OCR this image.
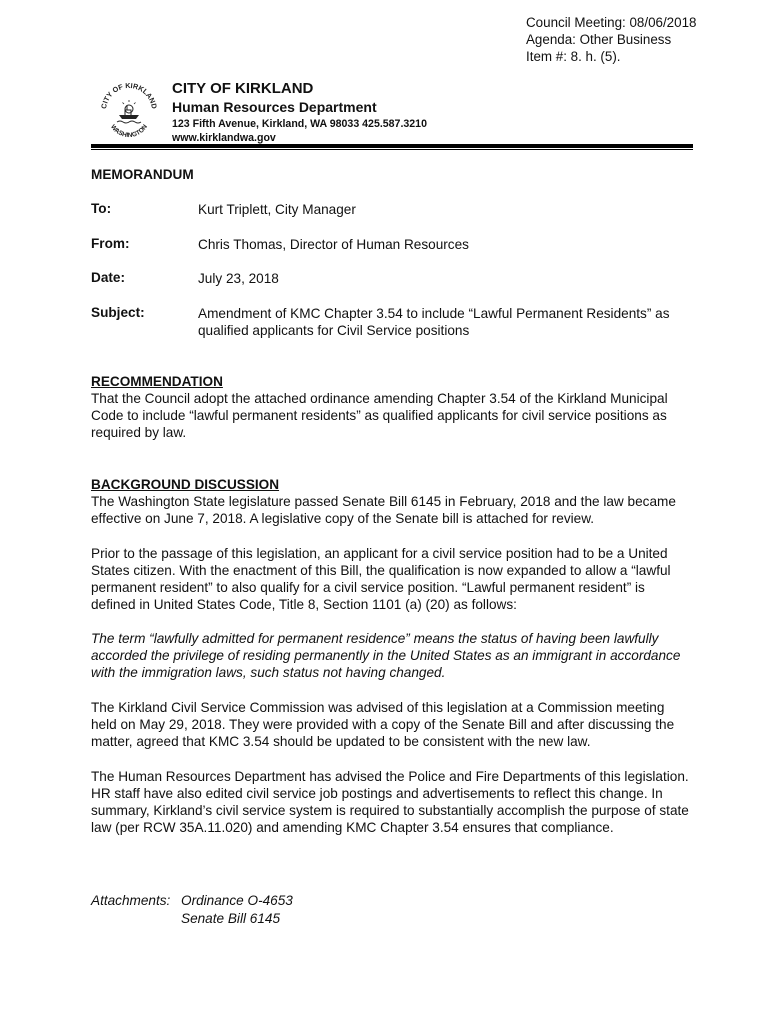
Council Meeting: 08/06/2018
Agenda: Other Business
Item #: 8. h. (5).
CITY OF KIRKLAND
WASHINGTON
CITY OF KIRKLAND
Human Resources Department
123 Fifth Avenue, Kirkland, WA 98033 425.587.3210
www.kirklandwa.gov
MEMORANDUM
To:	Kurt Triplett, City Manager
From:	Chris Thomas, Director of Human Resources
Date:	July 23, 2018
Subject:	Amendment of KMC Chapter 3.54 to include “Lawful Permanent Residents” as qualified applicants for Civil Service positions
RECOMMENDATION
That the Council adopt the attached ordinance amending Chapter 3.54 of the Kirkland Municipal Code to include “lawful permanent residents” as qualified applicants for civil service positions as required by law.
BACKGROUND DISCUSSION
The Washington State legislature passed Senate Bill 6145 in February, 2018 and the law became effective on June 7, 2018. A legislative copy of the Senate bill is attached for review.
Prior to the passage of this legislation, an applicant for a civil service position had to be a United States citizen. With the enactment of this Bill, the qualification is now expanded to allow a “lawful permanent resident” to also qualify for a civil service position. “Lawful permanent resident” is defined in United States Code, Title 8, Section 1101 (a) (20) as follows:
The term “lawfully admitted for permanent residence” means the status of having been lawfully accorded the privilege of residing permanently in the United States as an immigrant in accordance with the immigration laws, such status not having changed.
The Kirkland Civil Service Commission was advised of this legislation at a Commission meeting held on May 29, 2018. They were provided with a copy of the Senate Bill and after discussing the matter, agreed that KMC 3.54 should be updated to be consistent with the new law.
The Human Resources Department has advised the Police and Fire Departments of this legislation. HR staff have also edited civil service job postings and advertisements to reflect this change. In summary, Kirkland’s civil service system is required to substantially accomplish the purpose of state law (per RCW 35A.11.020) and amending KMC Chapter 3.54 ensures that compliance.
Attachments: Ordinance O-4653
Senate Bill 6145
